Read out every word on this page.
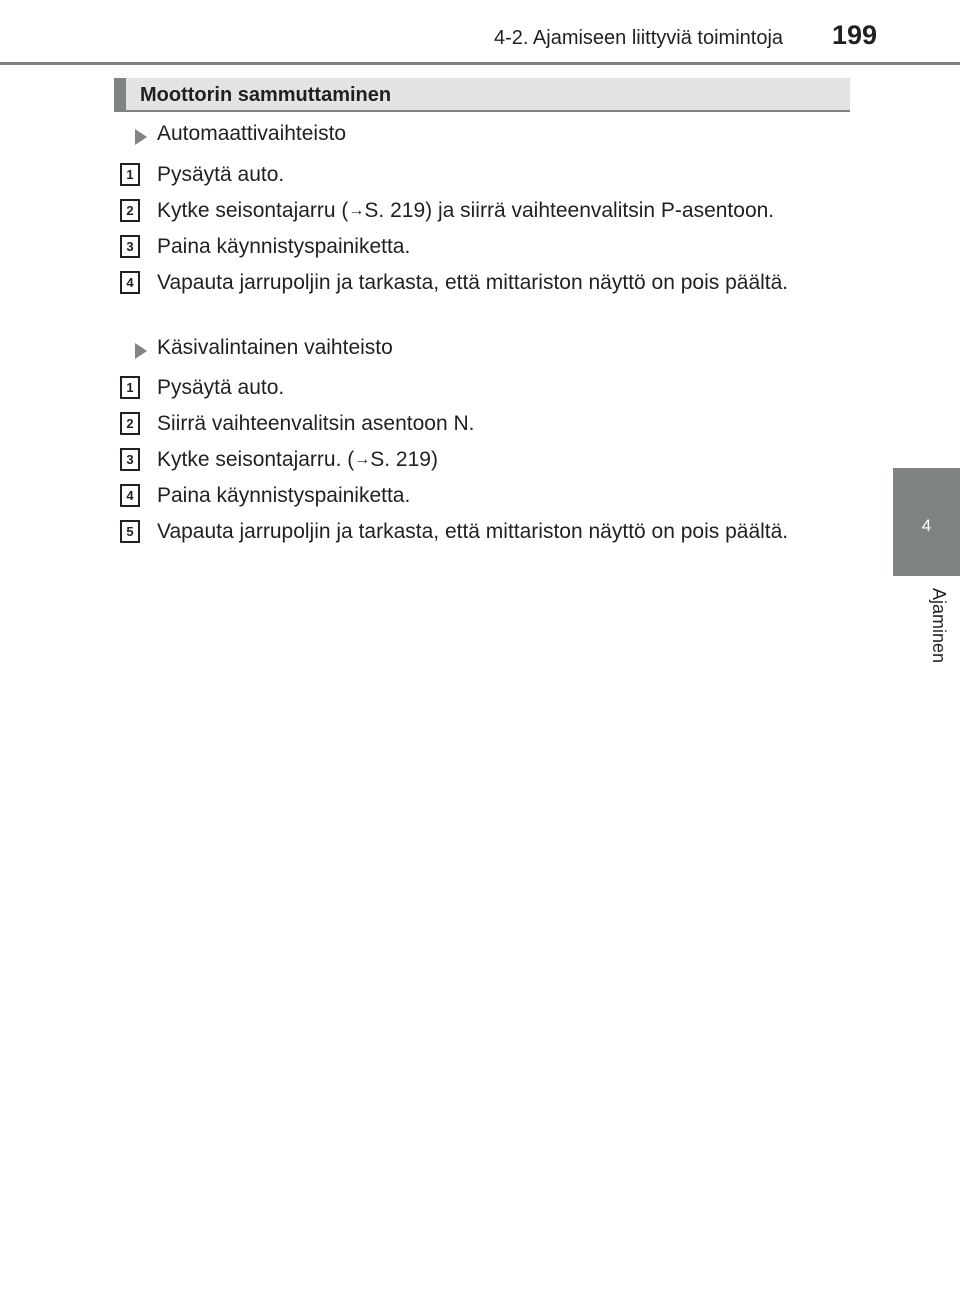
4-2. Ajamiseen liittyviä toimintoja 199
4
Ajaminen
Moottorin sammuttaminen
Automaattivaihteisto
1	Pysäytä auto.
2	Kytke seisontajarru (→S. 219) ja siirrä vaihteenvalitsin P-asentoon.
3	Paina käynnistyspainiketta.
4	Vapauta jarrupoljin ja tarkasta, että mittariston näyttö on pois päältä.
Käsivalintainen vaihteisto
1	Pysäytä auto.
2	Siirrä vaihteenvalitsin asentoon N.
3	Kytke seisontajarru. (→S. 219)
4	Paina käynnistyspainiketta.
5	Vapauta jarrupoljin ja tarkasta, että mittariston näyttö on pois päältä.
